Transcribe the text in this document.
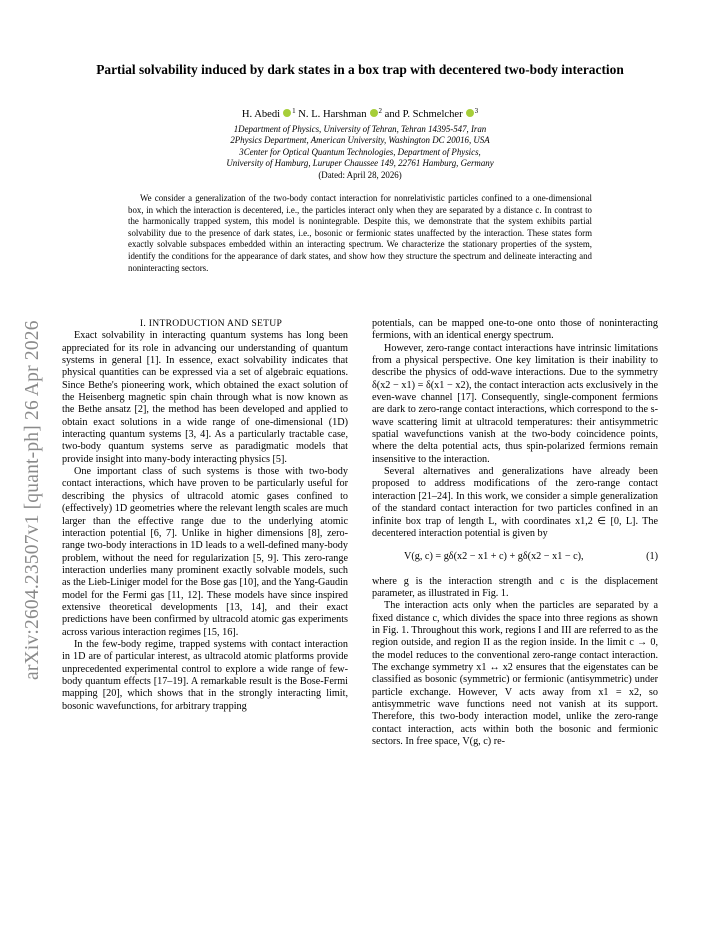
arXiv:2604.23507v1 [quant-ph] 26 Apr 2026
Partial solvability induced by dark states in a box trap with decentered two-body interaction
H. Abedi $^1$ N. L. Harshman $^2$ and P. Schmelcher $^3$
1Department of Physics, University of Tehran, Tehran 14395-547, Iran
2Physics Department, American University, Washington DC 20016, USA
3Center for Optical Quantum Technologies, Department of Physics,
University of Hamburg, Luruper Chaussee 149, 22761 Hamburg, Germany
(Dated: April 28, 2026)
We consider a generalization of the two-body contact interaction for nonrelativistic particles confined to a one-dimensional box, in which the interaction is decentered, i.e., the particles interact only when they are separated by a distance c. In contrast to the harmonically trapped system, this model is nonintegrable. Despite this, we demonstrate that the system exhibits partial solvability due to the presence of dark states, i.e., bosonic or fermionic states unaffected by the interaction. These states form exactly solvable subspaces embedded within an interacting spectrum. We characterize the stationary properties of the system, identify the conditions for the appearance of dark states, and show how they structure the spectrum and delineate interacting and noninteracting sectors.

I. INTRODUCTION AND SETUP

Exact solvability in interacting quantum systems has long been appreciated for its role in advancing our understanding of quantum systems in general [1]. In essence, exact solvability indicates that physical quantities can be expressed via a set of algebraic equations. Since Bethe's pioneering work, which obtained the exact solution of the Heisenberg magnetic spin chain through what is now known as the Bethe ansatz [2], the method has been developed and applied to obtain exact solutions in a wide range of one-dimensional (1D) interacting quantum systems [3, 4]. As a particularly tractable case, two-body quantum systems serve as paradigmatic models that provide insight into many-body interacting physics [5].

One important class of such systems is those with two-body contact interactions, which have proven to be particularly useful for describing the physics of ultracold atomic gases confined to (effectively) 1D geometries where the relevant length scales are much larger than the effective range due to the underlying atomic interaction potential [6, 7]. Unlike in higher dimensions [8], zero-range two-body interactions in 1D leads to a well-defined many-body problem, without the need for regularization [5, 9]. This zero-range interaction underlies many prominent exactly solvable models, such as the Lieb-Liniger model for the Bose gas [10], and the Yang-Gaudin model for the Fermi gas [11, 12]. These models have since inspired extensive theoretical developments [13, 14], and their exact predictions have been confirmed by ultracold atomic gas experiments across various interaction regimes [15, 16].

In the few-body regime, trapped systems with contact interaction in 1D are of particular interest, as ultracold atomic platforms provide unprecedented experimental control to explore a wide range of few-body quantum effects [17–19]. A remarkable result is the Bose-Fermi mapping [20], which shows that in the strongly interacting limit, bosonic wavefunctions, for arbitrary trapping

potentials, can be mapped one-to-one onto those of noninteracting fermions, with an identical energy spectrum.

However, zero-range contact interactions have intrinsic limitations from a physical perspective. One key limitation is their inability to describe the physics of odd-wave interactions. Due to the symmetry δ(x2 − x1) = δ(x1 − x2), the contact interaction acts exclusively in the even-wave channel [17]. Consequently, single-component fermions are dark to zero-range contact interactions, which correspond to the s-wave scattering limit at ultracold temperatures: their antisymmetric spatial wavefunctions vanish at the two-body coincidence points, where the delta potential acts, thus spin-polarized fermions remain insensitive to the interaction.

Several alternatives and generalizations have already been proposed to address modifications of the zero-range contact interaction [21–24]. In this work, we consider a simple generalization of the standard contact interaction for two particles confined in an infinite box trap of length L, with coordinates x1,2 ∈ [0, L]. The decentered interaction potential is given by

V(g, c) = gδ(x2 − x1 + c) + gδ(x2 − x1 − c),	(1)

where g is the interaction strength and c is the displacement parameter, as illustrated in Fig. 1.

The interaction acts only when the particles are separated by a fixed distance c, which divides the space into three regions as shown in Fig. 1. Throughout this work, regions I and III are referred to as the region outside, and region II as the region inside. In the limit c → 0, the model reduces to the conventional zero-range contact interaction. The exchange symmetry x1 ↔ x2 ensures that the eigenstates can be classified as bosonic (symmetric) or fermionic (antisymmetric) under particle exchange. However, V acts away from x1 = x2, so antisymmetric wave functions need not vanish at its support. Therefore, this two-body interaction model, unlike the zero-range contact interaction, acts within both the bosonic and fermionic sectors. In free space, V(g, c) re-
